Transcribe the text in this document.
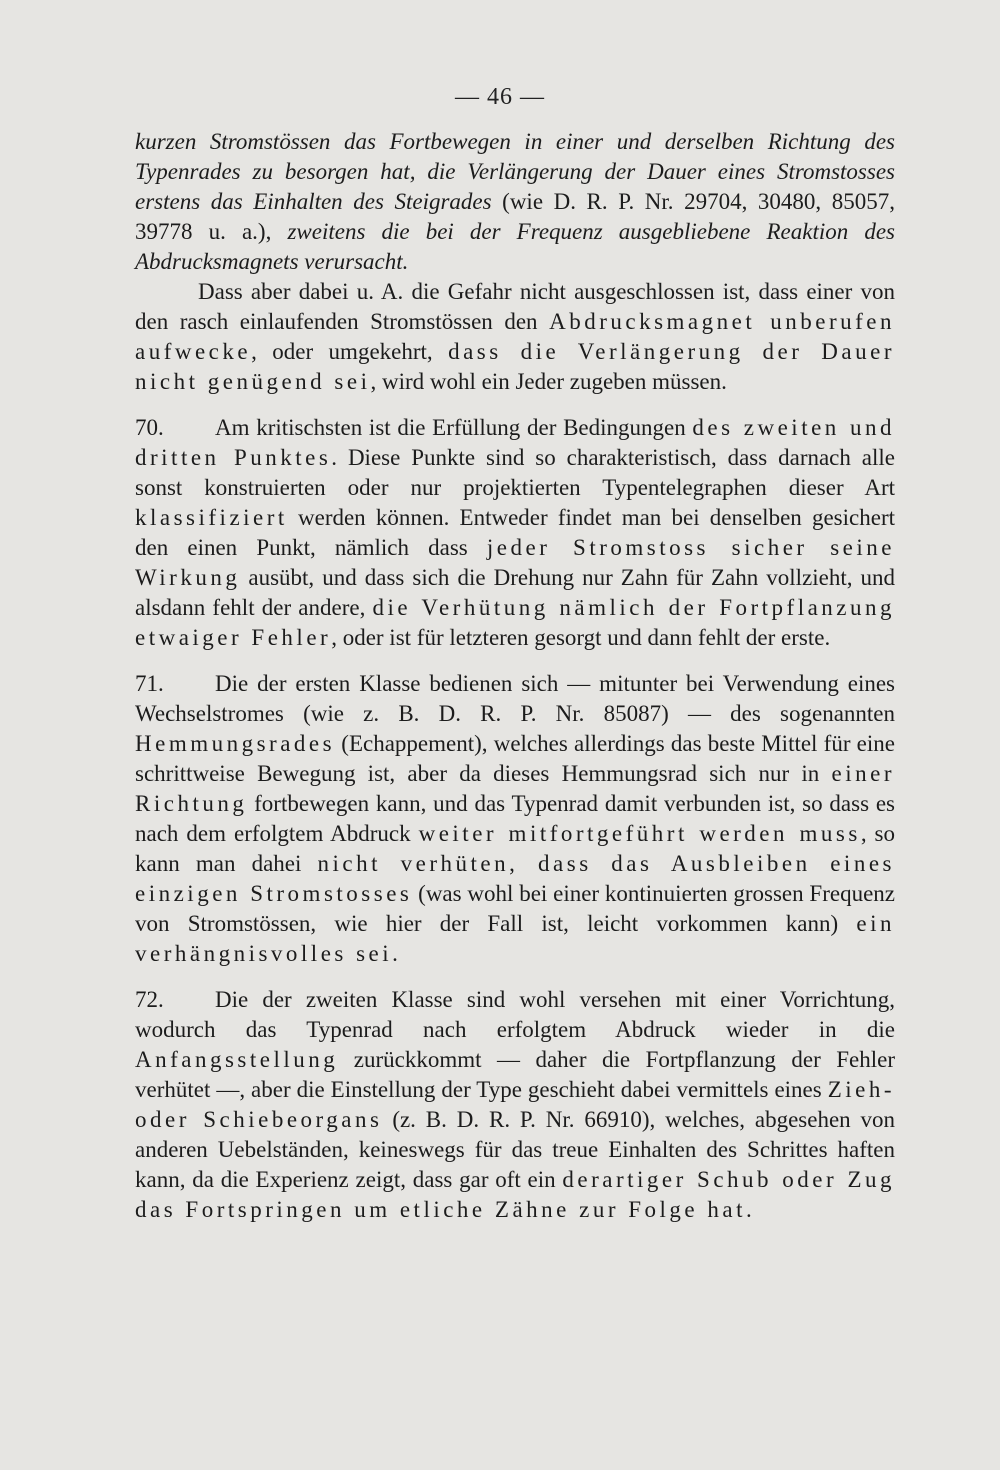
— 46 —

kurzen Stromstössen das Fortbewegen in einer und derselben Richtung des Typenrades zu besorgen hat, die Verlängerung der Dauer eines Stromstosses erstens das Einhalten des Steigrades (wie D. R. P. Nr. 29704, 30480, 85057, 39778 u. a.), zweitens die bei der Frequenz ausgebliebene Reaktion des Abdrucksmagnets verursacht.

Dass aber dabei u. A. die Gefahr nicht ausgeschlossen ist, dass einer von den rasch einlaufenden Stromstössen den Abdrucksmagnet unberufen aufwecke, oder umgekehrt, dass die Verlängerung der Dauer nicht genügend sei, wird wohl ein Jeder zugeben müssen.

70. Am kritischsten ist die Erfüllung der Bedingungen des zweiten und dritten Punktes. Diese Punkte sind so charakteristisch, dass darnach alle sonst konstruierten oder nur projektierten Typentelegraphen dieser Art klassifiziert werden können. Entweder findet man bei denselben gesichert den einen Punkt, nämlich dass jeder Stromstoss sicher seine Wirkung ausübt, und dass sich die Drehung nur Zahn für Zahn vollzieht, und alsdann fehlt der andere, die Verhütung nämlich der Fortpflanzung etwaiger Fehler, oder ist für letzteren gesorgt und dann fehlt der erste.

71. Die der ersten Klasse bedienen sich — mitunter bei Verwendung eines Wechselstromes (wie z. B. D. R. P. Nr. 85087) — des sogenannten Hemmungsrades (Echappement), welches allerdings das beste Mittel für eine schrittweise Bewegung ist, aber da dieses Hemmungsrad sich nur in einer Richtung fortbewegen kann, und das Typenrad damit verbunden ist, so dass es nach dem erfolgtem Abdruck weiter mitfortgeführt werden muss, so kann man dahei nicht verhüten, dass das Ausbleiben eines einzigen Stromstosses (was wohl bei einer kontinuierten grossen Frequenz von Stromstössen, wie hier der Fall ist, leicht vorkommen kann) ein verhängnisvolles sei.

72. Die der zweiten Klasse sind wohl versehen mit einer Vorrichtung, wodurch das Typenrad nach erfolgtem Abdruck wieder in die Anfangsstellung zurückkommt — daher die Fortpflanzung der Fehler verhütet —, aber die Einstellung der Type geschieht dabei vermittels eines Zieh- oder Schiebeorgans (z. B. D. R. P. Nr. 66910), welches, abgesehen von anderen Uebelständen, keineswegs für das treue Einhalten des Schrittes haften kann, da die Experienz zeigt, dass gar oft ein derartiger Schub oder Zug das Fortspringen um etliche Zähne zur Folge hat.
